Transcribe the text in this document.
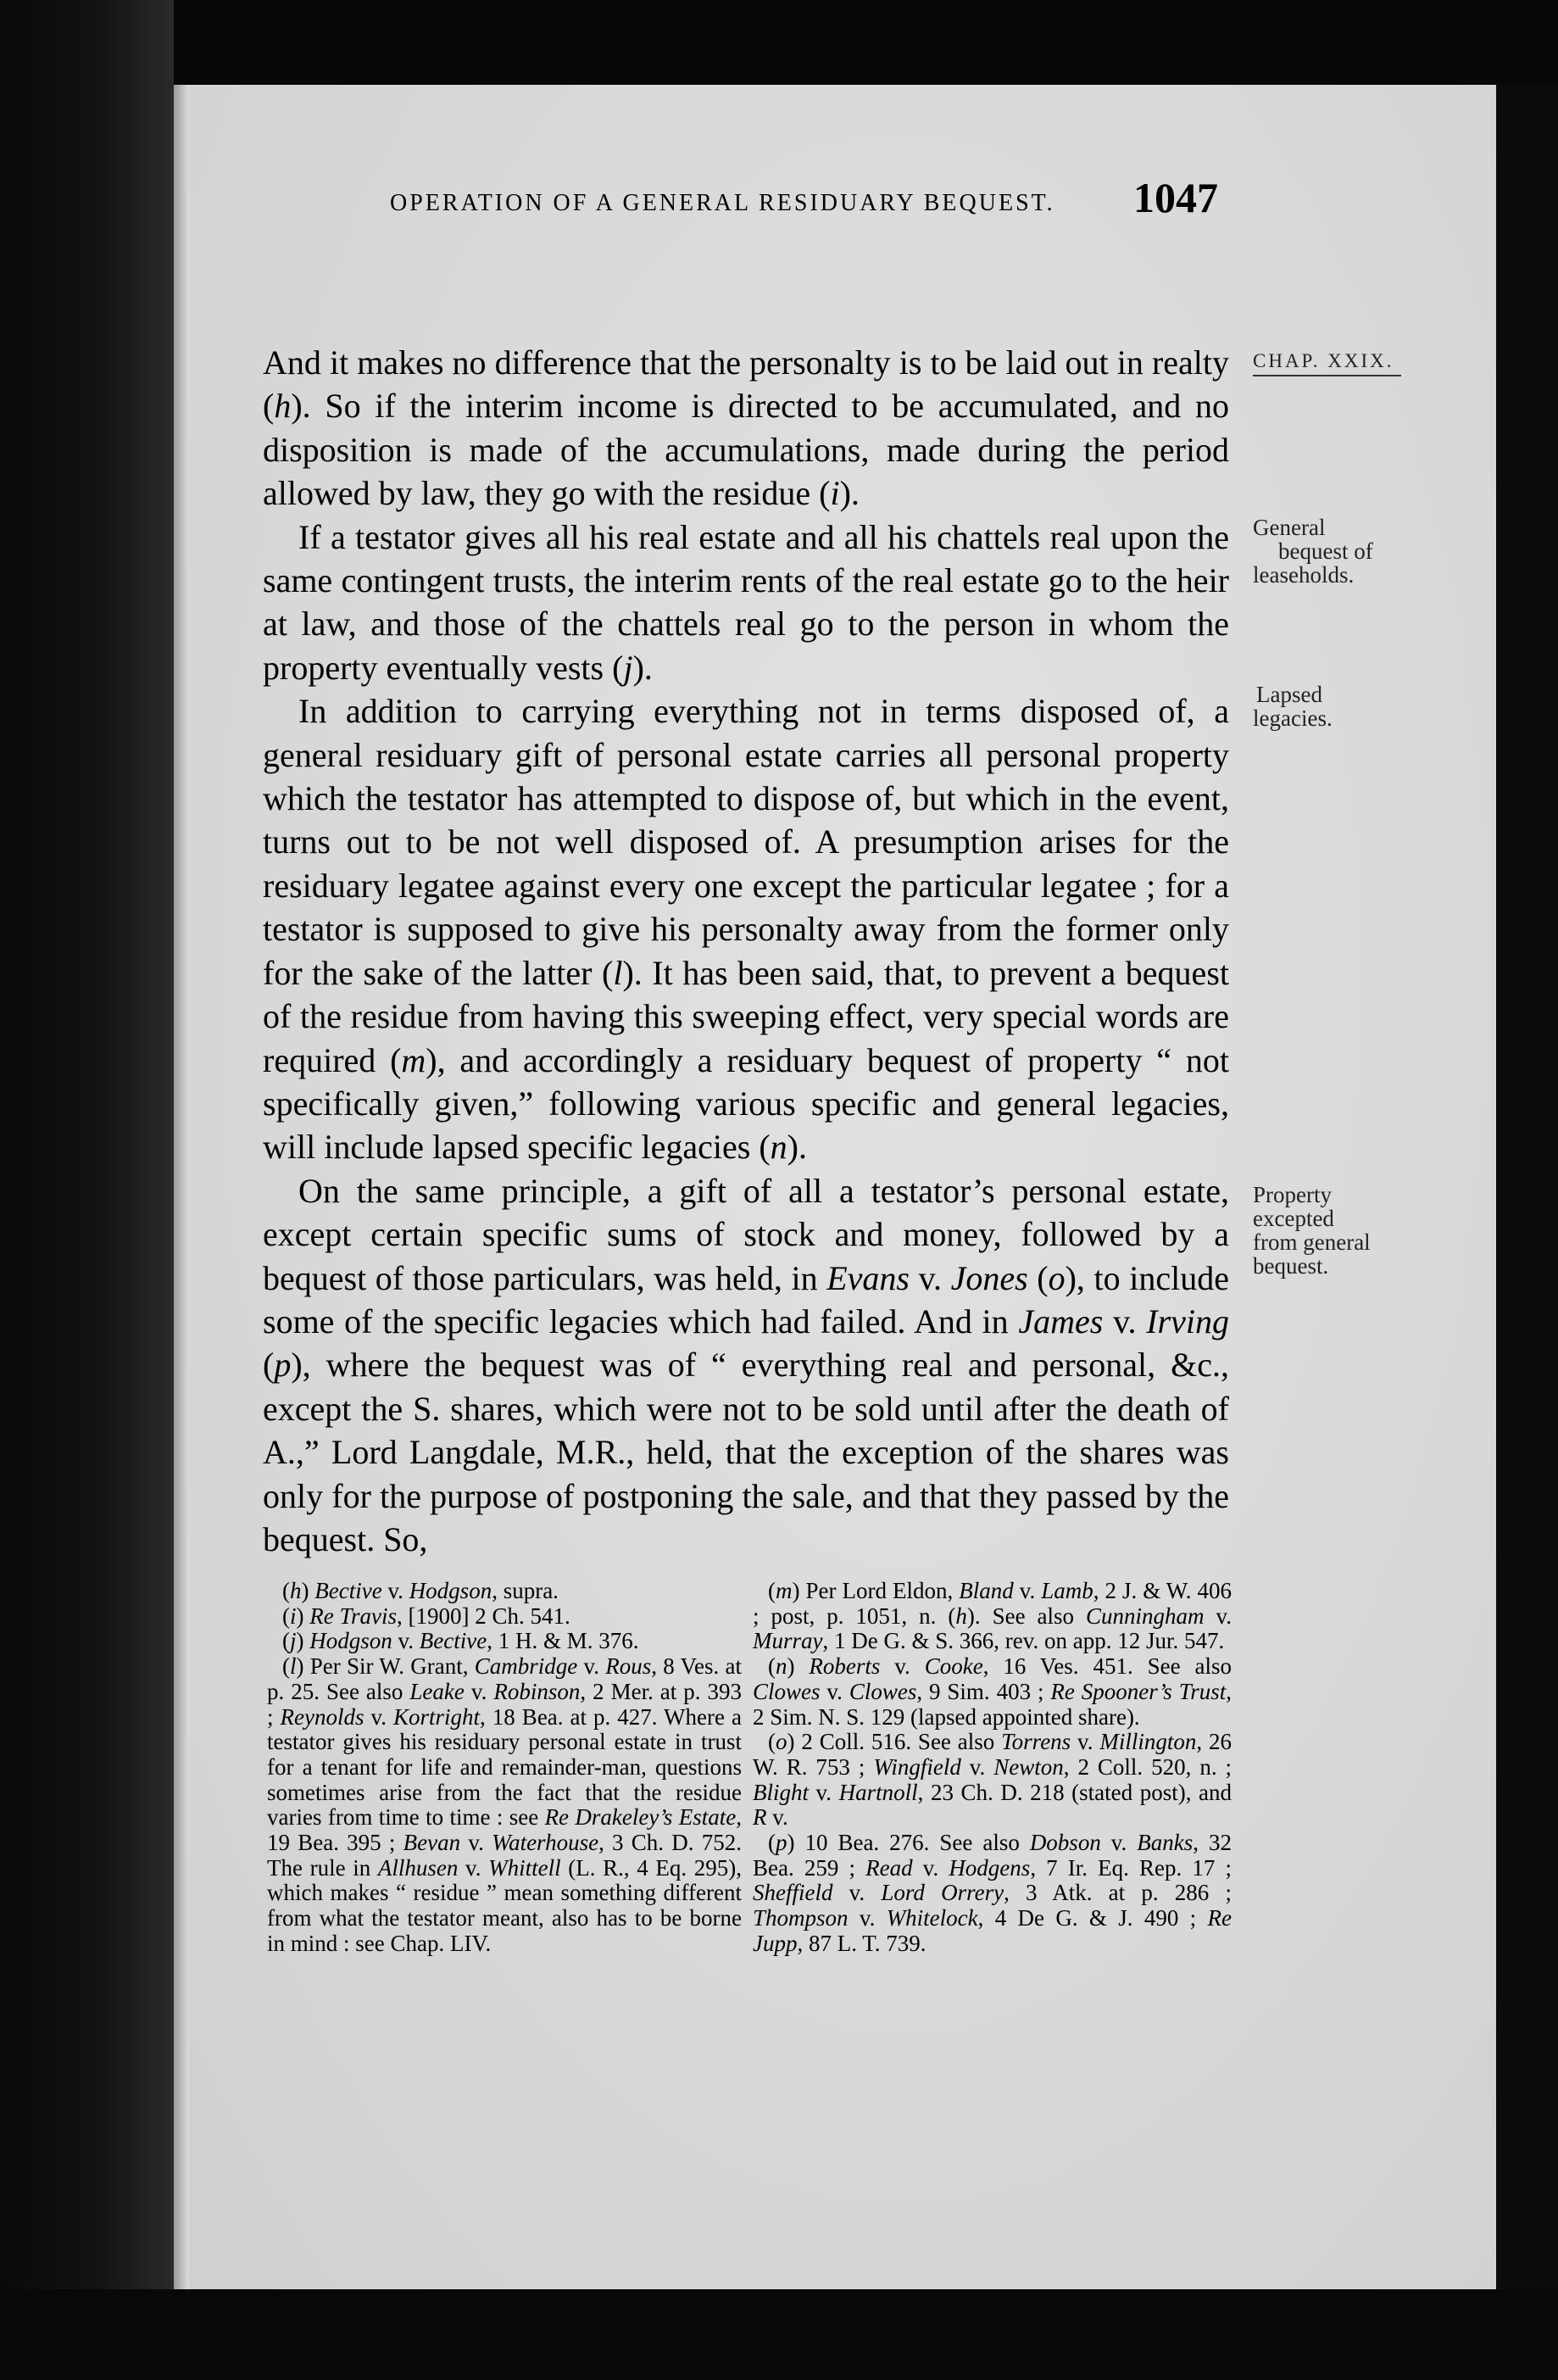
OPERATION OF A GENERAL RESIDUARY BEQUEST. 1047
CHAP. XXIX.
General
bequest of
leaseholds.
Lapsed
legacies.
Property
excepted
from general
bequest.

And it makes no difference that the personalty is to be laid out in realty (h). So if the interim income is directed to be accumulated, and no disposition is made of the accumulations, made during the period allowed by law, they go with the residue (i).

If a testator gives all his real estate and all his chattels real upon the same contingent trusts, the interim rents of the real estate go to the heir at law, and those of the chattels real go to the person in whom the property eventually vests (j).

In addition to carrying everything not in terms disposed of, a general residuary gift of personal estate carries all personal property which the testator has attempted to dispose of, but which in the event, turns out to be not well disposed of. A presumption arises for the residuary legatee against every one except the particular legatee ; for a testator is supposed to give his personalty away from the former only for the sake of the latter (l). It has been said, that, to prevent a bequest of the residue from having this sweeping effect, very special words are required (m), and accordingly a residuary bequest of property “ not specifically given,” following various specific and general legacies, will include lapsed specific legacies (n).

On the same principle, a gift of all a testator’s personal estate, except certain specific sums of stock and money, followed by a bequest of those particulars, was held, in Evans v. Jones (o), to include some of the specific legacies which had failed. And in James v. Irving (p), where the bequest was of “ everything real and personal, &c., except the S. shares, which were not to be sold until after the death of A.,” Lord Langdale, M.R., held, that the exception of the shares was only for the purpose of postponing the sale, and that they passed by the bequest. So,

(h) Bective v. Hodgson, supra.

(i) Re Travis, [1900] 2 Ch. 541.

(j) Hodgson v. Bective, 1 H. & M. 376.

(l) Per Sir W. Grant, Cambridge v. Rous, 8 Ves. at p. 25. See also Leake v. Robinson, 2 Mer. at p. 393 ; Reynolds v. Kortright, 18 Bea. at p. 427. Where a testator gives his residuary personal estate in trust for a tenant for life and remainder-man, questions sometimes arise from the fact that the residue varies from time to time : see Re Drakeley’s Estate, 19 Bea. 395 ; Bevan v. Waterhouse, 3 Ch. D. 752. The rule in Allhusen v. Whittell (L. R., 4 Eq. 295), which makes “ residue ” mean something different from what the testator meant, also has to be borne in mind : see Chap. LIV.

(m) Per Lord Eldon, Bland v. Lamb, 2 J. & W. 406 ; post, p. 1051, n. (h). See also Cunningham v. Murray, 1 De G. & S. 366, rev. on app. 12 Jur. 547.

(n) Roberts v. Cooke, 16 Ves. 451. See also Clowes v. Clowes, 9 Sim. 403 ; Re Spooner’s Trust, 2 Sim. N. S. 129 (lapsed appointed share).

(o) 2 Coll. 516. See also Torrens v. Millington, 26 W. R. 753 ; Wingfield v. Newton, 2 Coll. 520, n. ; Blight v. Hartnoll, 23 Ch. D. 218 (stated post), and R v.

(p) 10 Bea. 276. See also Dobson v. Banks, 32 Bea. 259 ; Read v. Hodgens, 7 Ir. Eq. Rep. 17 ; Sheffield v. Lord Orrery, 3 Atk. at p. 286 ; Thompson v. Whitelock, 4 De G. & J. 490 ; Re Jupp, 87 L. T. 739.
